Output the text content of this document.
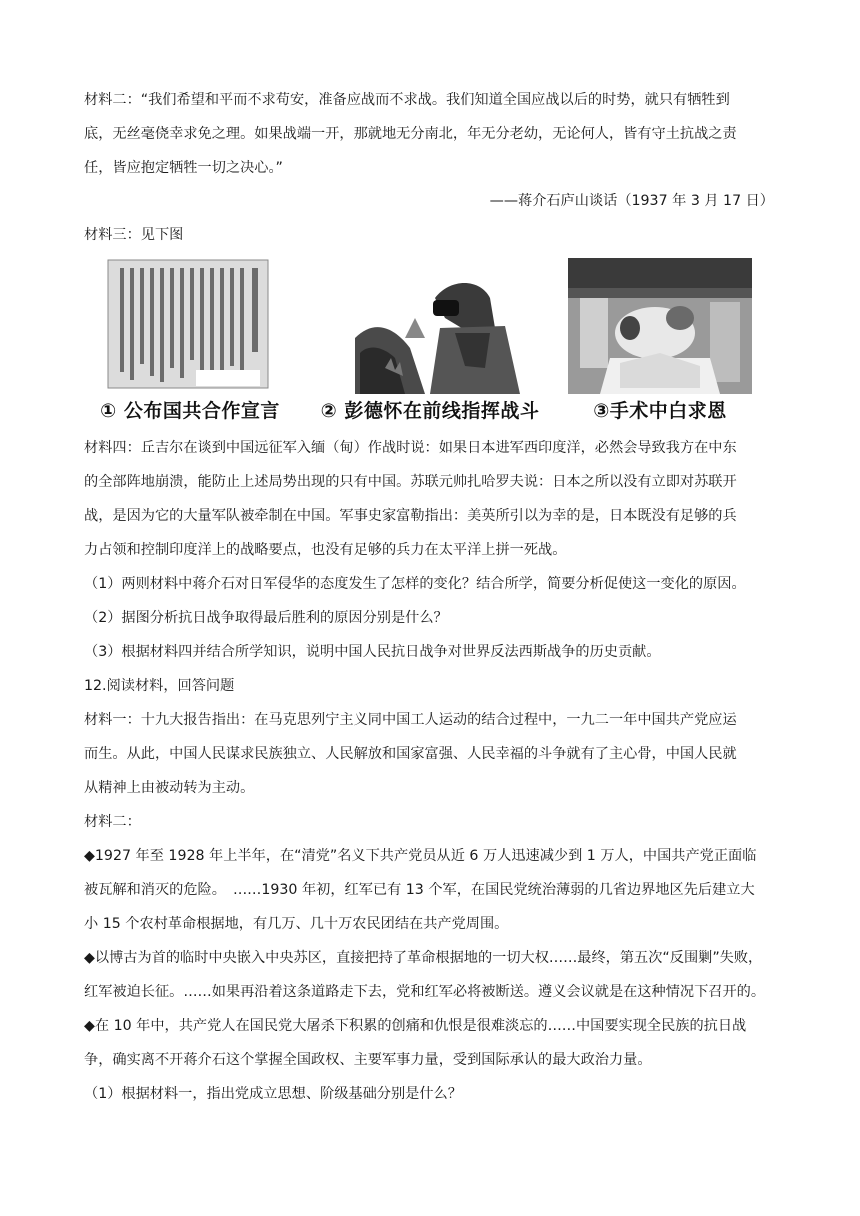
材料二：“我们希望和平而不求苟安，准备应战而不求战。我们知道全国应战以后的时势，就只有牺牲到
底，无丝毫侥幸求免之理。如果战端一开，那就地无分南北，年无分老幼，无论何人，皆有守土抗战之责
任，皆应抱定牺牲一切之决心。”
——蒋介石庐山谈话（1937 年 3 月 17 日）
材料三：见下图
① 公布国共合作宣言 ② 彭德怀在前线指挥战斗	③手术中白求恩
材料四：丘吉尔在谈到中国远征军入缅（甸）作战时说：如果日本进军西印度洋，必然会导致我方在中东
的全部阵地崩溃，能防止上述局势出现的只有中国。苏联元帅扎哈罗夫说：日本之所以没有立即对苏联开
战，是因为它的大量军队被牵制在中国。军事史家富勒指出：美英所引以为幸的是，日本既没有足够的兵
力占领和控制印度洋上的战略要点，也没有足够的兵力在太平洋上拼一死战。
（1）两则材料中蒋介石对日军侵华的态度发生了怎样的变化？结合所学，简要分析促使这一变化的原因。
（2）据图分析抗日战争取得最后胜利的原因分别是什么？
（3）根据材料四并结合所学知识，说明中国人民抗日战争对世界反法西斯战争的历史贡献。
12.阅读材料，回答问题
材料一：十九大报告指出：在马克思列宁主义同中国工人运动的结合过程中，一九二一年中国共产党应运
而生。从此，中国人民谋求民族独立、人民解放和国家富强、人民幸福的斗争就有了主心骨，中国人民就
从精神上由被动转为主动。
材料二：
◆1927 年至 1928 年上半年，在“清党”名义下共产党员从近 6 万人迅速减少到 1 万人，中国共产党正面临
被瓦解和消灭的危险。　……1930 年初，红军已有 13 个军，在国民党统治薄弱的几省边界地区先后建立大
小 15 个农村革命根据地，有几万、几十万农民团结在共产党周围。
◆以博古为首的临时中央嵌入中央苏区，直接把持了革命根据地的一切大权……最终，第五次“反围剿”失败，
红军被迫长征。……如果再沿着这条道路走下去，党和红军必将被断送。遵义会议就是在这种情况下召开的。
◆在 10 年中，共产党人在国民党大屠杀下积累的创痛和仇恨是很难淡忘的……中国要实现全民族的抗日战
争，确实离不开蒋介石这个掌握全国政权、主要军事力量，受到国际承认的最大政治力量。
（1）根据材料一，指出党成立思想、阶级基础分别是什么？
